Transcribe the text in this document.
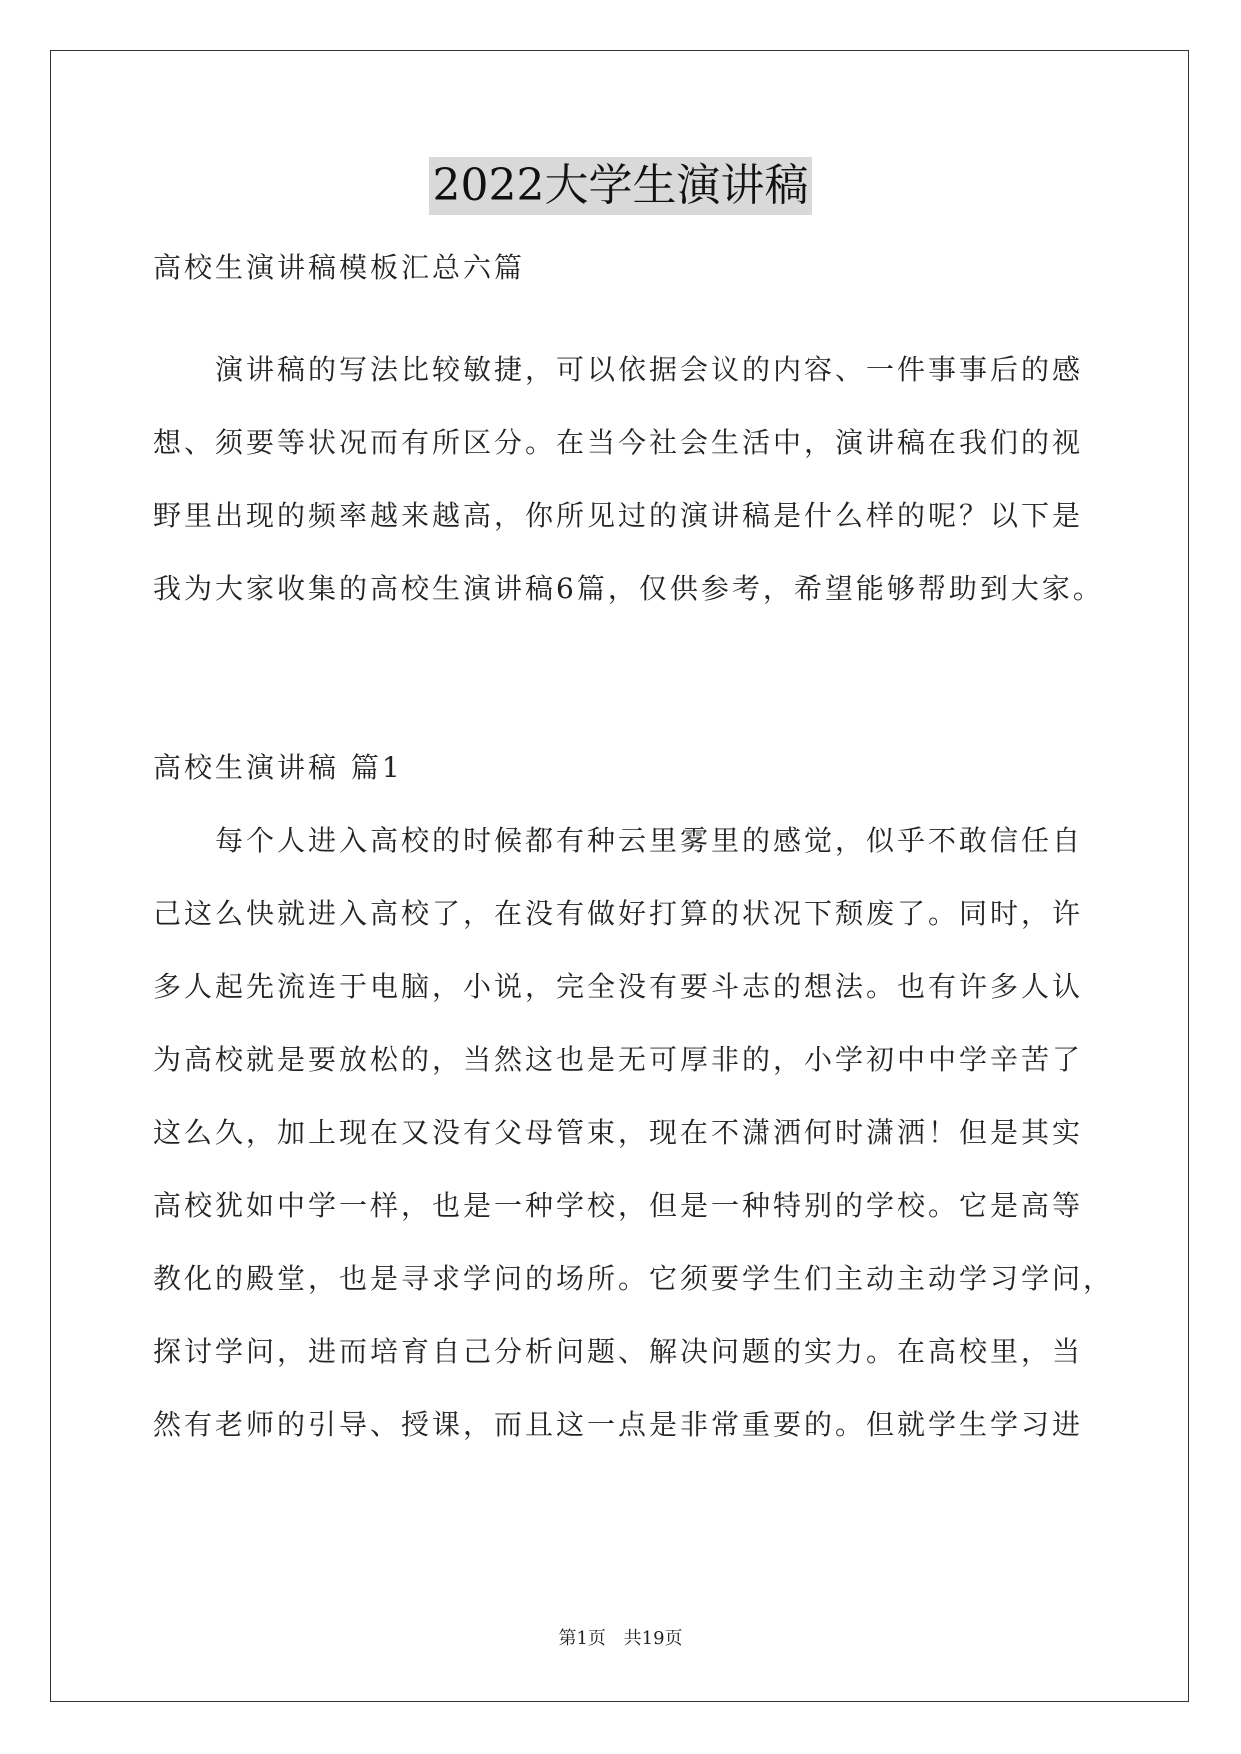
2022大学生演讲稿
高校生演讲稿模板汇总六篇
演讲稿的写法比较敏捷，可以依据会议的内容、一件事事后的感
想、须要等状况而有所区分。在当今社会生活中，演讲稿在我们的视
野里出现的频率越来越高，你所见过的演讲稿是什么样的呢？以下是
我为大家收集的高校生演讲稿6篇，仅供参考，希望能够帮助到大家。
高校生演讲稿 篇1
每个人进入高校的时候都有种云里雾里的感觉，似乎不敢信任自
己这么快就进入高校了，在没有做好打算的状况下颓废了。同时，许
多人起先流连于电脑，小说，完全没有要斗志的想法。也有许多人认
为高校就是要放松的，当然这也是无可厚非的，小学初中中学辛苦了
这么久，加上现在又没有父母管束，现在不潇洒何时潇洒！但是其实
高校犹如中学一样，也是一种学校，但是一种特别的学校。它是高等
教化的殿堂，也是寻求学问的场所。它须要学生们主动主动学习学问，
探讨学问，进而培育自己分析问题、解决问题的实力。在高校里，当
然有老师的引导、授课，而且这一点是非常重要的。但就学生学习进
第1页 共19页
